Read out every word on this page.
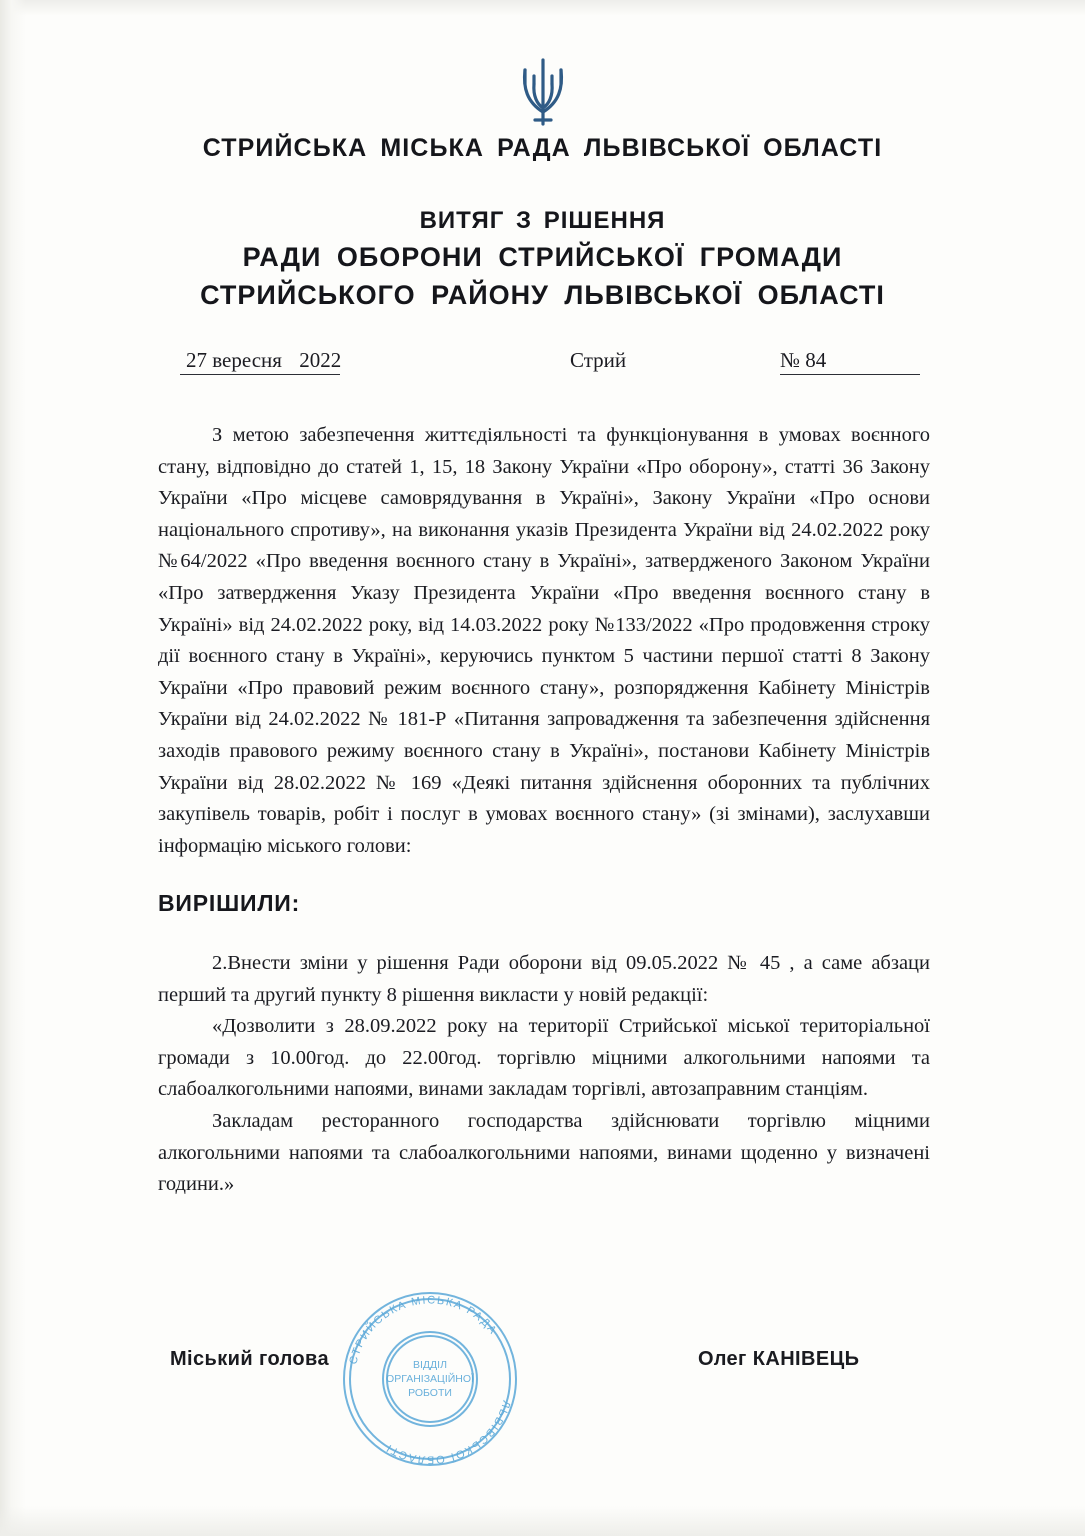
СТРИЙСЬКА МІСЬКА РАДА ЛЬВІВСЬКОЇ ОБЛАСТІ
ВИТЯГ З РІШЕННЯ
РАДИ ОБОРОНИ СТРИЙСЬКОЇ ГРОМАДИ
СТРИЙСЬКОГО РАЙОНУ ЛЬВІВСЬКОЇ ОБЛАСТІ
27 вересня 2022	Стрий	№ 84

З метою забезпечення життєдіяльності та функціонування в умовах воєнного стану, відповідно до статей 1, 15, 18 Закону України «Про оборону», статті 36 Закону України «Про місцеве самоврядування в Україні», Закону України «Про основи національного спротиву», на виконання указів Президента України від 24.02.2022 року №64/2022 «Про введення воєнного стану в Україні», затвердженого Законом України «Про затвердження Указу Президента України «Про введення воєнного стану в Україні» від 24.02.2022 року, від 14.03.2022 року №133/2022 «Про продовження строку дії воєнного стану в Україні», керуючись пунктом 5 частини першої статті 8 Закону України «Про правовий режим воєнного стану», розпорядження Кабінету Міністрів України від 24.02.2022 № 181-Р «Питання запровадження та забезпечення здійснення заходів правового режиму воєнного стану в Україні», постанови Кабінету Міністрів України від 28.02.2022 № 169 «Деякі питання здійснення оборонних та публічних закупівель товарів, робіт і послуг в умовах воєнного стану» (зі змінами), заслухавши інформацію міського голови:

ВИРІШИЛИ:

2.Внести зміни у рішення Ради оборони від 09.05.2022 № 45 , а саме абзаци перший та другий пункту 8 рішення викласти у новій редакції:

«Дозволити з 28.09.2022 року на території Стрийської міської територіальної громади з 10.00год. до 22.00год. торгівлю міцними алкогольними напоями та слабоалкогольними напоями, винами закладам торгівлі, автозаправним станціям.

Закладам ресторанного господарства здійснювати торгівлю міцними алкогольними напоями та слабоалкогольними напоями, винами щоденно у визначені години.»

СТРИЙСЬКА МІСЬКА РАДА
ЛЬВІВСЬКОЇ ОБЛАСТІ
ВІДДІЛ
ОРГАНІЗАЦІЙНОЇ
РОБОТИ
Міський голова	Олег КАНІВЕЦЬ
